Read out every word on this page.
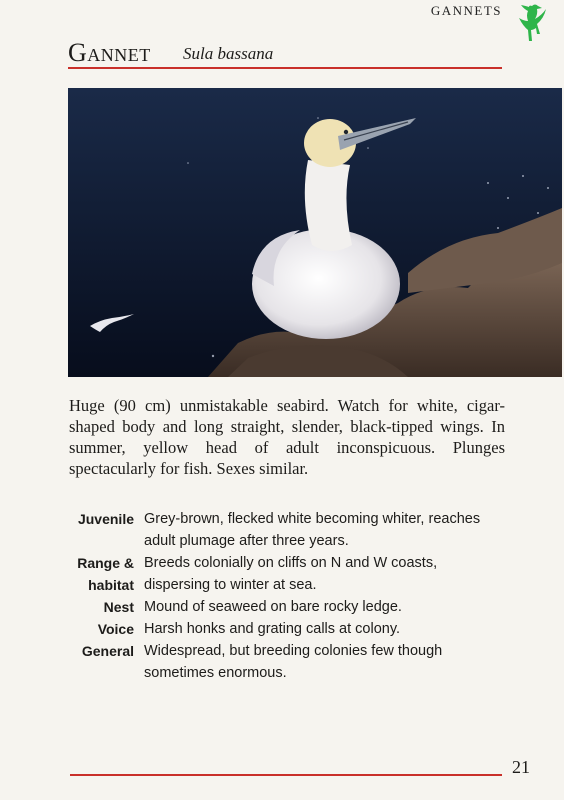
GANNETS
Gannet Sula bassana
Huge (90 cm) unmistakable seabird. Watch for white, cigar-shaped body and long straight, slender, black-tipped wings. In summer, yellow head of adult inconspicuous. Plunges spectacularly for fish. Sexes similar.
Juvenile Grey-brown, flecked white becoming whiter, reaches
adult plumage after three years.
Range &
habitat
Breeds colonially on cliffs on N and W coasts,
dispersing to winter at sea.
Nest Mound of seaweed on bare rocky ledge.
Voice Harsh honks and grating calls at colony.
General Widespread, but breeding colonies few though
sometimes enormous.
21
